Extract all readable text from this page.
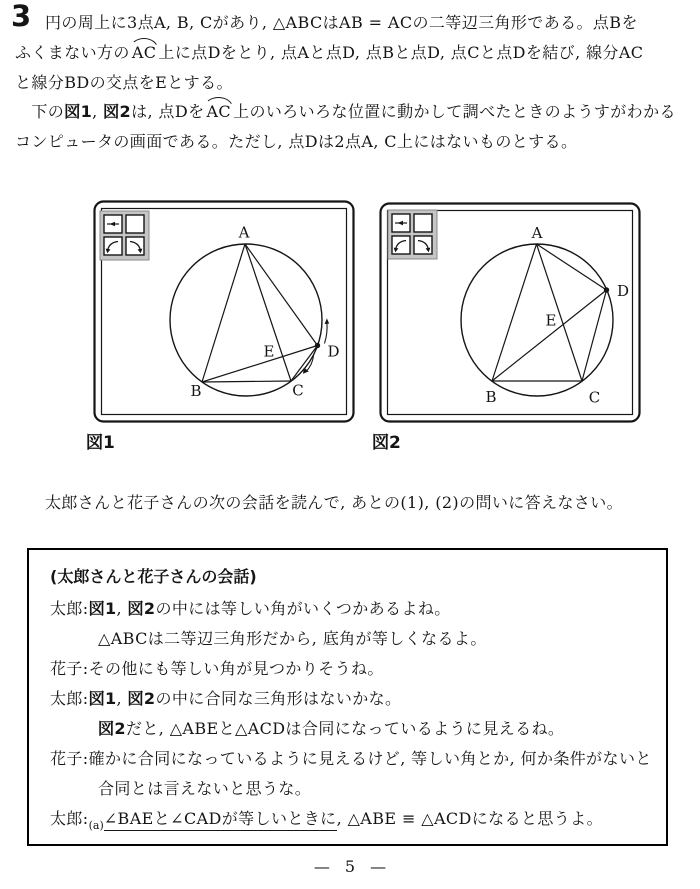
3 円の周上に3点A, B, Cがあり, △ABCはAB = ACの二等辺三角形である。点Bを
ふくまない方の AC 上に点Dをとり, 点Aと点D, 点Bと点D, 点Cと点Dを結び, 線分AC
と線分BDの交点をEとする。
　下の図1, 図2は, 点Dを AC 上のいろいろな位置に動かして調べたときのようすがわかる
コンピュータの画面である。ただし, 点Dは2点A, C上にはないものとする。
A
B	C
D
E
図1
A
B	C
D
E
図2
太郎さんと花子さんの次の会話を読んで, あとの(1), (2)の問いに答えなさい。
(太郎さんと花子さんの会話)
太郎:図1, 図2の中には等しい角がいくつかあるよね。
△ABCは二等辺三角形だから, 底角が等しくなるよ。
花子:その他にも等しい角が見つかりそうね。
太郎:図1, 図2の中に合同な三角形はないかな。
図2だと, △ABEと△ACDは合同になっているように見えるね。
花子:確かに合同になっているように見えるけど, 等しい角とか, 何か条件がないと
合同とは言えないと思うな。
太郎$:_{(a)}\angle BAE$と∠CADが等しいときに, △ABE ≡ △ACDになると思うよ。
— 5 —
